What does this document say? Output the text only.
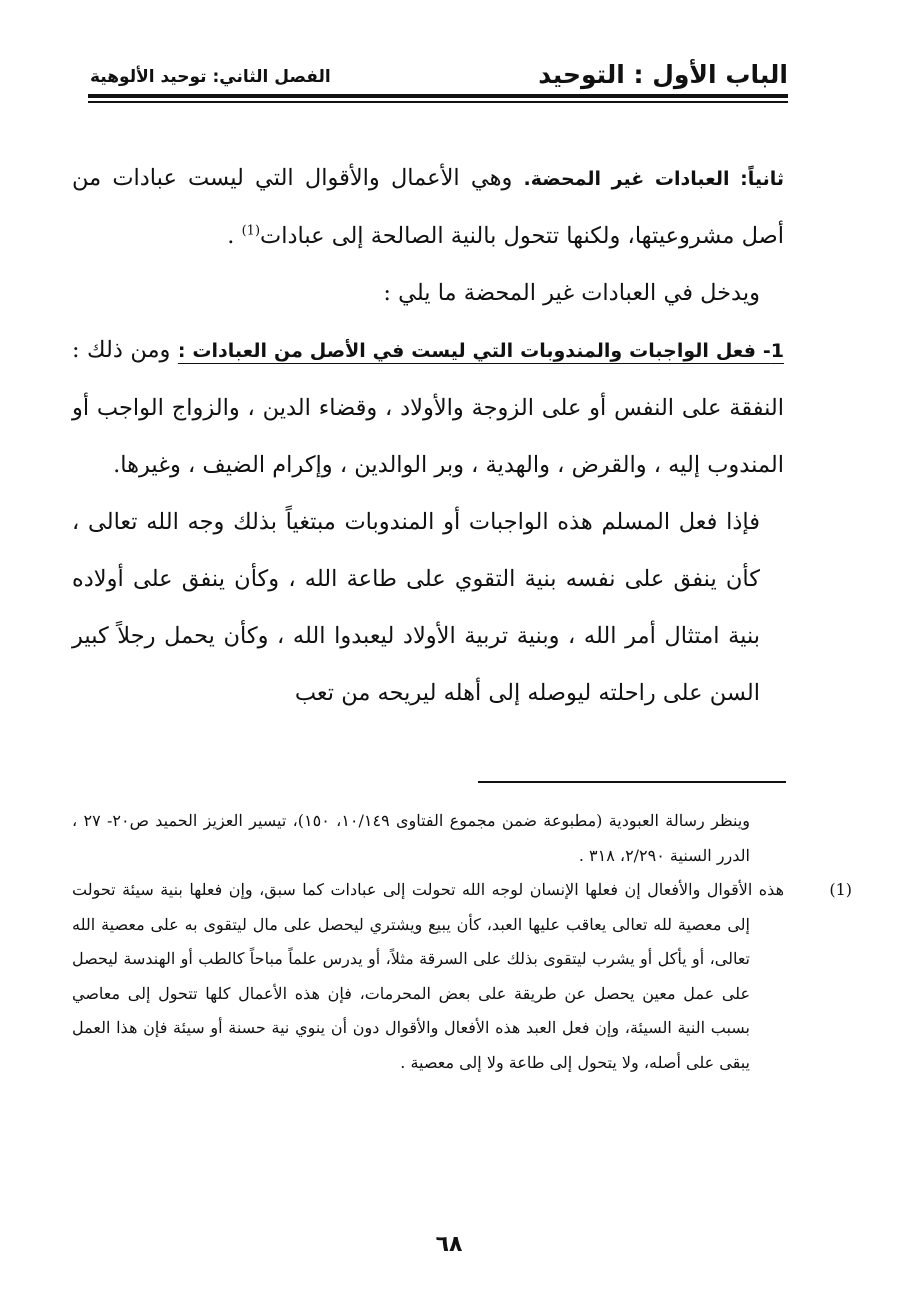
الباب الأول : التوحيد
الفصل الثاني: توحيد الألوهية

ثانياً: العبادات غير المحضة. وهي الأعمال والأقوال التي ليست عبادات من أصل مشروعيتها، ولكنها تتحول بالنية الصالحة إلى عبادات$^{(1)}$ .

ويدخل في العبادات غير المحضة ما يلي :

1- فعل الواجبات والمندوبات التي ليست في الأصل من العبادات : ومن ذلك : النفقة على النفس أو على الزوجة والأولاد ، وقضاء الدين ، والزواج الواجب أو المندوب إليه ، والقرض ، والهدية ، وبر الوالدين ، وإكرام الضيف ، وغيرها.

فإذا فعل المسلم هذه الواجبات أو المندوبات مبتغياً بذلك وجه الله تعالى ، كأن ينفق على نفسه بنية التقوي على طاعة الله ، وكأن ينفق على أولاده بنية امتثال أمر الله ، وبنية تربية الأولاد ليعبدوا الله ، وكأن يحمل رجلاً كبير السن على راحلته ليوصله إلى أهله ليريحه من تعب

وينظر رسالة العبودية (مطبوعة ضمن مجموع الفتاوى ١٠/١٤٩، ١٥٠)، تيسير العزيز الحميد ص٢٠- ٢٧ ، الدرر السنية ٢/٢٩٠، ٣١٨ .

(1)هذه الأقوال والأفعال إن فعلها الإنسان لوجه الله تحولت إلى عبادات كما سبق، وإن فعلها بنية سيئة تحولت إلى معصية لله تعالى يعاقب عليها العبد، كأن يبيع ويشتري ليحصل على مال ليتقوى به على معصية الله تعالى، أو يأكل أو يشرب ليتقوى بذلك على السرقة مثلاً، أو يدرس علماً مباحاً كالطب أو الهندسة ليحصل على عمل معين يحصل عن طريقة على بعض المحرمات، فإن هذه الأعمال كلها تتحول إلى معاصي بسبب النية السيئة، وإن فعل العبد هذه الأفعال والأقوال دون أن ينوي نية حسنة أو سيئة فإن هذا العمل يبقى على أصله، ولا يتحول إلى طاعة ولا إلى معصية .

٦٨
